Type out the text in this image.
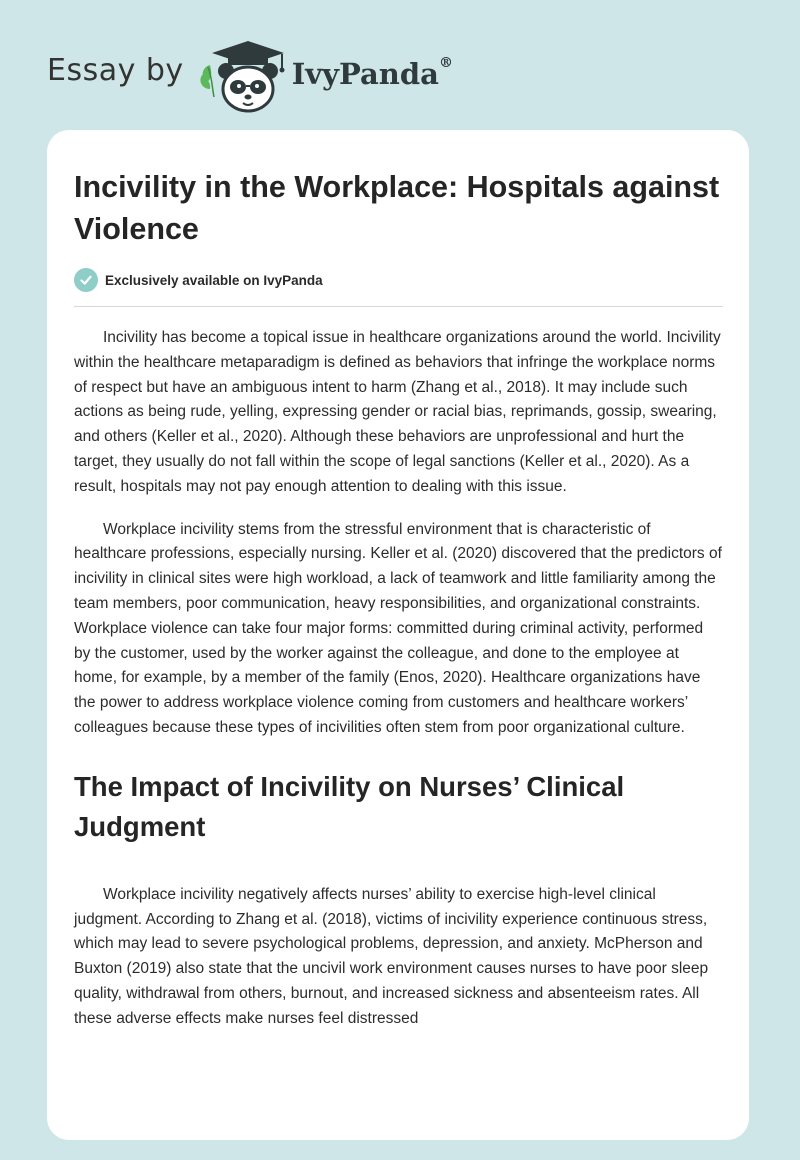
Essay by	IvyPanda®
Incivility in the Workplace: Hospitals against Violence
Exclusively available on IvyPanda

Incivility has become a topical issue in healthcare organizations around the world. Incivility within the healthcare metaparadigm is defined as behaviors that infringe the workplace norms of respect but have an ambiguous intent to harm (Zhang et al., 2018). It may include such actions as being rude, yelling, expressing gender or racial bias, reprimands, gossip, swearing, and others (Keller et al., 2020). Although these behaviors are unprofessional and hurt the target, they usually do not fall within the scope of legal sanctions (Keller et al., 2020). As a result, hospitals may not pay enough attention to dealing with this issue.

Workplace incivility stems from the stressful environment that is characteristic of healthcare professions, especially nursing. Keller et al. (2020) discovered that the predictors of incivility in clinical sites were high workload, a lack of teamwork and little familiarity among the team members, poor communication, heavy responsibilities, and organizational constraints. Workplace violence can take four major forms: committed during criminal activity, performed by the customer, used by the worker against the colleague, and done to the employee at home, for example, by a member of the family (Enos, 2020). Healthcare organizations have the power to address workplace violence coming from customers and healthcare workers’ colleagues because these types of incivilities often stem from poor organizational culture.

The Impact of Incivility on Nurses’ Clinical Judgment

Workplace incivility negatively affects nurses’ ability to exercise high-level clinical judgment. According to Zhang et al. (2018), victims of incivility experience continuous stress, which may lead to severe psychological problems, depression, and anxiety. McPherson and Buxton (2019) also state that the uncivil work environment causes nurses to have poor sleep quality, withdrawal from others, burnout, and increased sickness and absenteeism rates. All these adverse effects make nurses feel distressed
